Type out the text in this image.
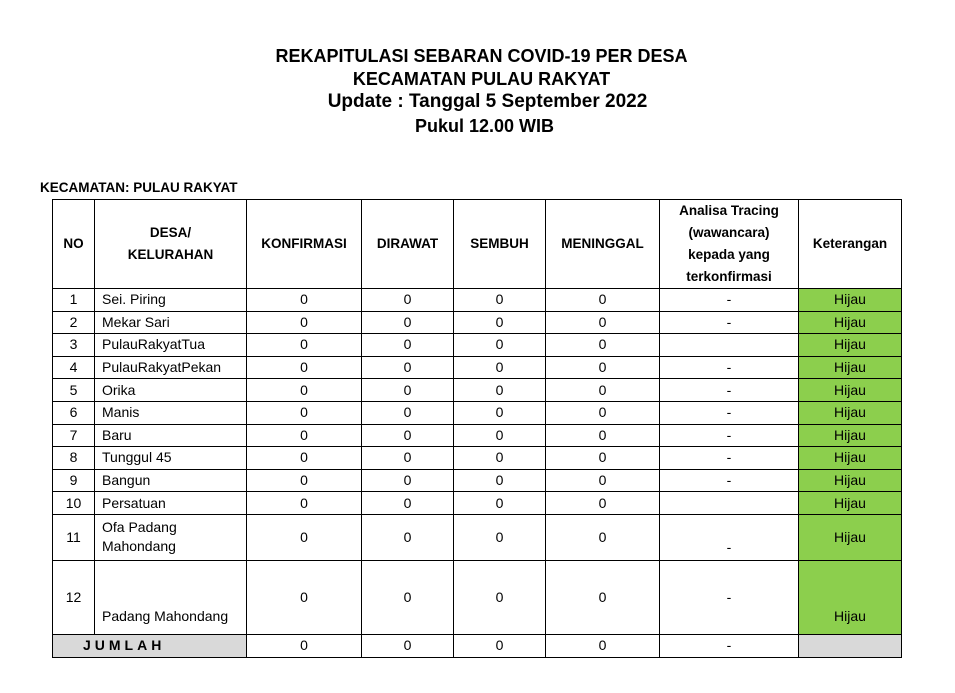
REKAPITULASI SEBARAN COVID-19 PER DESA
KECAMATAN PULAU RAKYAT
Update : Tanggal 5 September 2022
Pukul 12.00 WIB
KECAMATAN: PULAU RAKYAT
NO	DESA/ KELURAHAN	KONFIRMASI	DIRAWAT	SEMBUH	MENINGGAL	Analisa Tracing (wawancara) kepada yang terkonfirmasi	Keterangan
1	Sei. Piring	0	0	0	0	-	Hijau
2	Mekar Sari	0	0	0	0	-	Hijau
3	PulauRakyatTua	0	0	0	0		Hijau
4	PulauRakyatPekan	0	0	0	0	-	Hijau
5	Orika	0	0	0	0	-	Hijau
6	Manis	0	0	0	0	-	Hijau
7	Baru	0	0	0	0	-	Hijau
8	Tunggul 45	0	0	0	0	-	Hijau
9	Bangun	0	0	0	0	-	Hijau
10	Persatuan	0	0	0	0		Hijau
11	Ofa Padang Mahondang	0	0	0	0	-	Hijau
12	Padang Mahondang	0	0	0	0	-	Hijau
JUMLAH		0	0	0	0	-	
